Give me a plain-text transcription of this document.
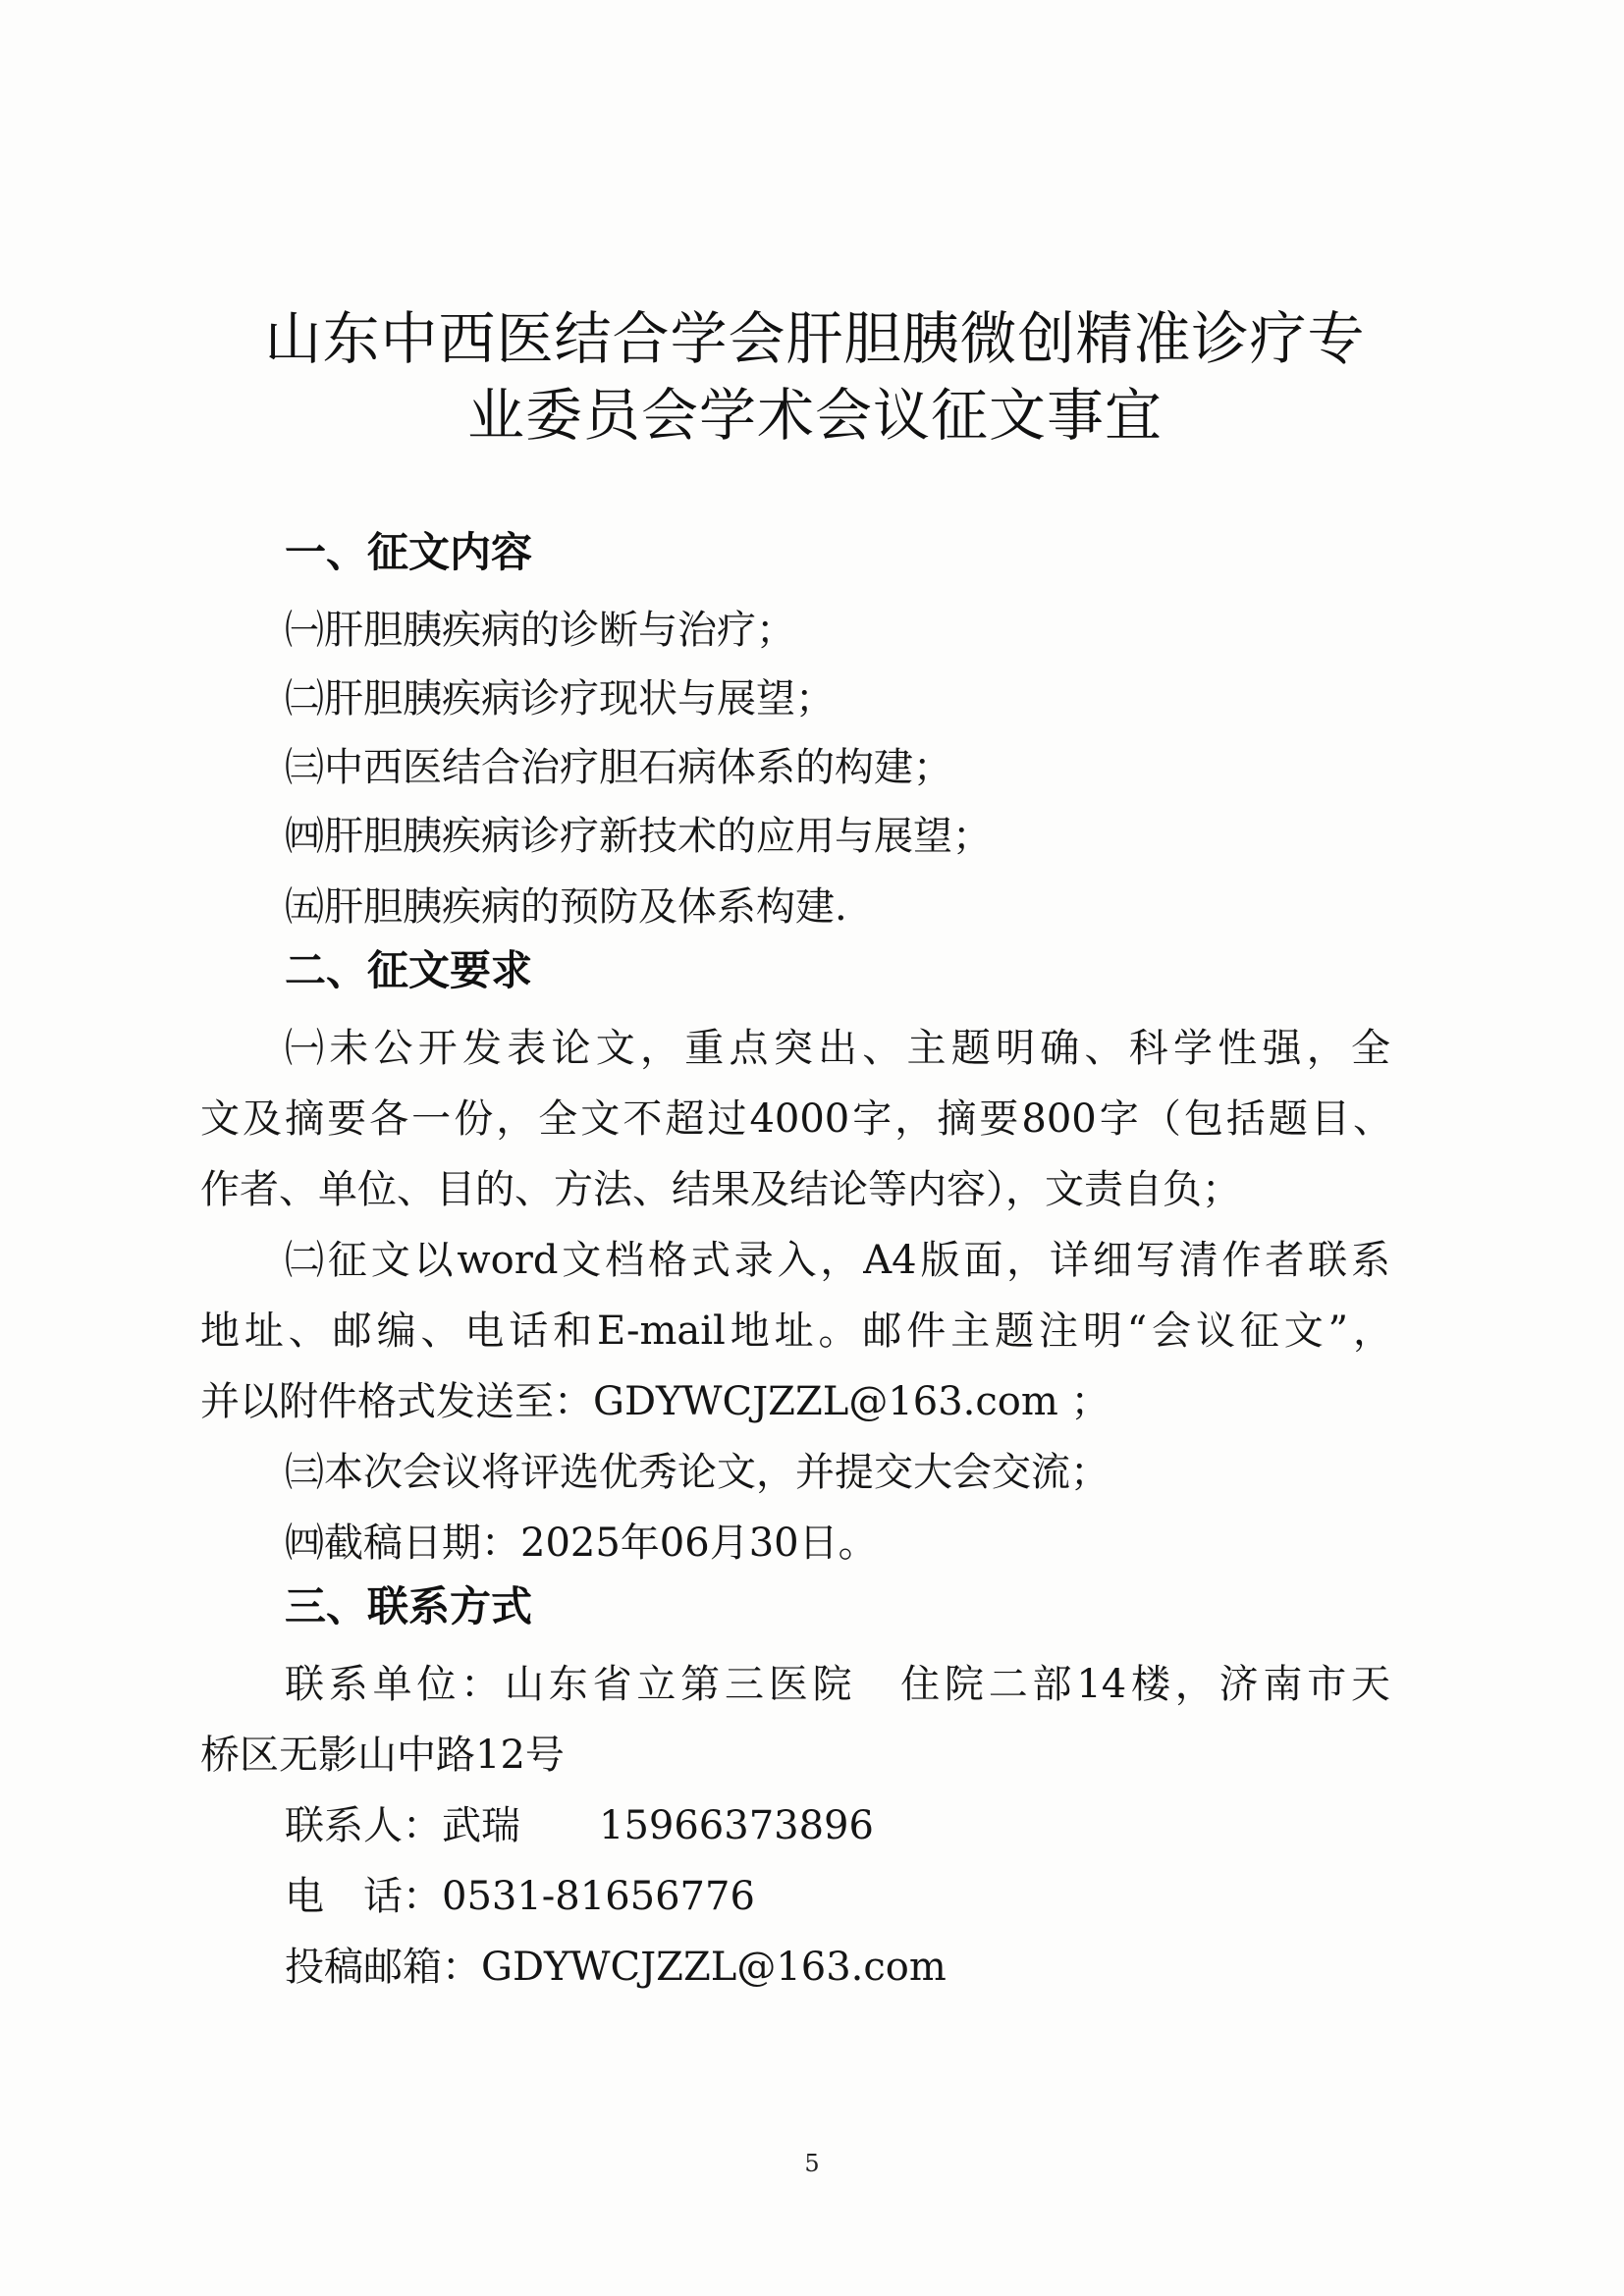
山东中西医结合学会肝胆胰微创精准诊疗专
业委员会学术会议征文事宜
一、征文内容
㈠肝胆胰疾病的诊断与治疗；
㈡肝胆胰疾病诊疗现状与展望；
㈢中西医结合治疗胆石病体系的构建；
㈣肝胆胰疾病诊疗新技术的应用与展望；
㈤肝胆胰疾病的预防及体系构建.
二、征文要求
㈠未公开发表论文，重点突出、主题明确、科学性强，全
文及摘要各一份，全文不超过4000字，摘要800字（包括题目、
作者、单位、目的、方法、结果及结论等内容），文责自负；
㈡征文以word文档格式录入，A4版面，详细写清作者联系
地址、邮编、电话和E-mail地址。邮件主题注明“会议征文”，
并以附件格式发送至：GDYWCJZZL@163.com ；
㈢本次会议将评选优秀论文，并提交大会交流；
㈣截稿日期：2025年06月30日。
三、联系方式
联系单位：山东省立第三医院　住院二部14楼，济南市天
桥区无影山中路12号
联系人：武瑞　　15966373896
电　话：0531-81656776
投稿邮箱：GDYWCJZZL@163.com
5
